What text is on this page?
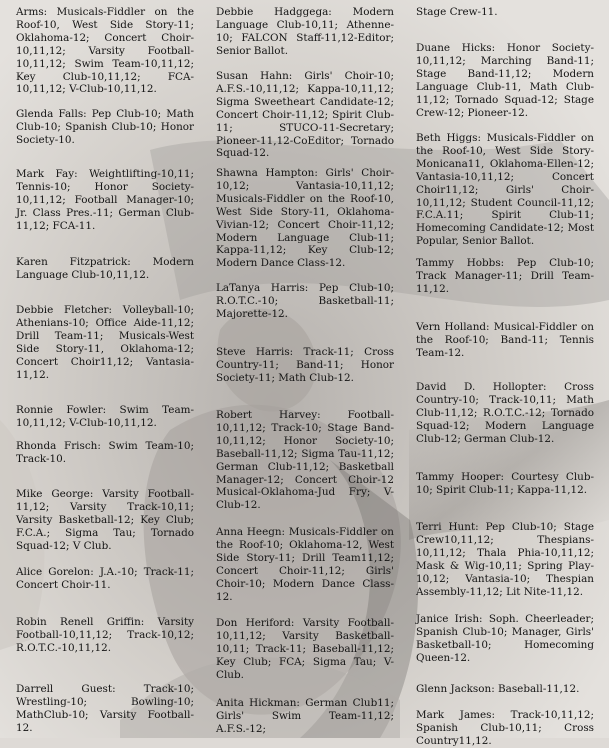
Arms: Musicals-Fiddler on the Roof-10, West Side Story-11; Oklahoma-12; Concert Choir-10,11,12; Varsity Football-10,11,12; Swim Team-10,11,12; Key Club-10,11,12; FCA-10,11,12; V-Club-10,11,12.

Glenda Falls: Pep Club-10; Math Club-10; Spanish Club-10; Honor Society-10.

Mark Fay: Weightlifting-10,11; Tennis-10; Honor Society-10,11,12; Football Manager-10; Jr. Class Pres.-11; German Club-11,12; FCA-11.

Karen Fitzpatrick: Modern Language Club-10,11,12.

Debbie Fletcher: Volleyball-10; Athenians-10; Office Aide-11,12; Drill Team-11; Musicals-West Side Story-11, Oklahoma-12; Concert Choir11,12; Vantasia-11,12.

Ronnie Fowler: Swim Team-10,11,12; V-Club-10,11,12.

Rhonda Frisch: Swim Team-10; Track-10.

Mike George: Varsity Football-11,12; Varsity Track-10,11; Varsity Basketball-12; Key Club; F.C.A.; Sigma Tau; Tornado Squad-12; V Club.

Alice Gorelon: J.A.-10; Track-11; Concert Choir-11.

Robin Renell Griffin: Varsity Football-10,11,12; Track-10,12; R.O.T.C.-10,11,12.

Darrell Guest: Track-10; Wrestling-10; Bowling-10; MathClub-10; Varsity Football-12.

Debbie Hadggega: Modern Language Club-10,11; Athenne-10; FALCON Staff-11,12-Editor; Senior Ballot.

Susan Hahn: Girls' Choir-10; A.F.S.-10,11,12; Kappa-10,11,12; Sigma Sweetheart Candidate-12; Concert Choir-11,12; Spirit Club-11; STUCO-11-Secretary; Pioneer-11,12-CoEditor; Tornado Squad-12.

Shawna Hampton: Girls' Choir-10,12; Vantasia-10,11,12; Musicals-Fiddler on the Roof-10, West Side Story-11, Oklahoma-Vivian-12; Concert Choir-11,12; Modern Language Club-11; Kappa-11,12; Key Club-12; Modern Dance Class-12.

LaTanya Harris: Pep Club-10; R.O.T.C.-10; Basketball-11; Majorette-12.

Steve Harris: Track-11; Cross Country-11; Band-11; Honor Society-11; Math Club-12.

Robert Harvey: Football-10,11,12; Track-10; Stage Band-10,11,12; Honor Society-10; Baseball-11,12; Sigma Tau-11,12; German Club-11,12; Basketball Manager-12; Concert Choir-12 Musical-Oklahoma-Jud Fry; V-Club-12.

Anna Heegn: Musicals-Fiddler on the Roof-10; Oklahoma-12, West Side Story-11; Drill Team11,12; Concert Choir-11,12; Girls' Choir-10; Modern Dance Class-12.

Don Heriford: Varsity Football-10,11,12; Varsity Basketball-10,11; Track-11; Baseball-11,12; Key Club; FCA; Sigma Tau; V-Club.

Anita Hickman: German Club11; Girls' Swim Team-11,12; A.F.S.-12;

Stage Crew-11.

Duane Hicks: Honor Society-10,11,12; Marching Band-11; Stage Band-11,12; Modern Language Club-11, Math Club-11,12; Tornado Squad-12; Stage Crew-12; Pioneer-12.

Beth Higgs: Musicals-Fiddler on the Roof-10, West Side Story-Monicana11, Oklahoma-Ellen-12; Vantasia-10,11,12; Concert Choir11,12; Girls' Choir-10,11,12; Student Council-11,12; F.C.A.11; Spirit Club-11; Homecoming Candidate-12; Most Popular, Senior Ballot.

Tammy Hobbs: Pep Club-10; Track Manager-11; Drill Team-11,12.

Vern Holland: Musical-Fiddler on the Roof-10; Band-11; Tennis Team-12.

David D. Hollopter: Cross Country-10; Track-10,11; Math Club-11,12; R.O.T.C.-12; Tornado Squad-12; Modern Language Club-12; German Club-12.

Tammy Hooper: Courtesy Club-10; Spirit Club-11; Kappa-11,12.

Terri Hunt: Pep Club-10; Stage Crew10,11,12; Thespians-10,11,12; Thala Phia-10,11,12; Mask & Wig-10,11; Spring Play-10,12; Vantasia-10; Thespian Assembly-11,12; Lit Nite-11,12.

Janice Irish: Soph. Cheerleader; Spanish Club-10; Manager, Girls' Basketball-10; Homecoming Queen-12.

Glenn Jackson: Baseball-11,12.

Mark James: Track-10,11,12; Spanish Club-10,11; Cross Country11,12.
